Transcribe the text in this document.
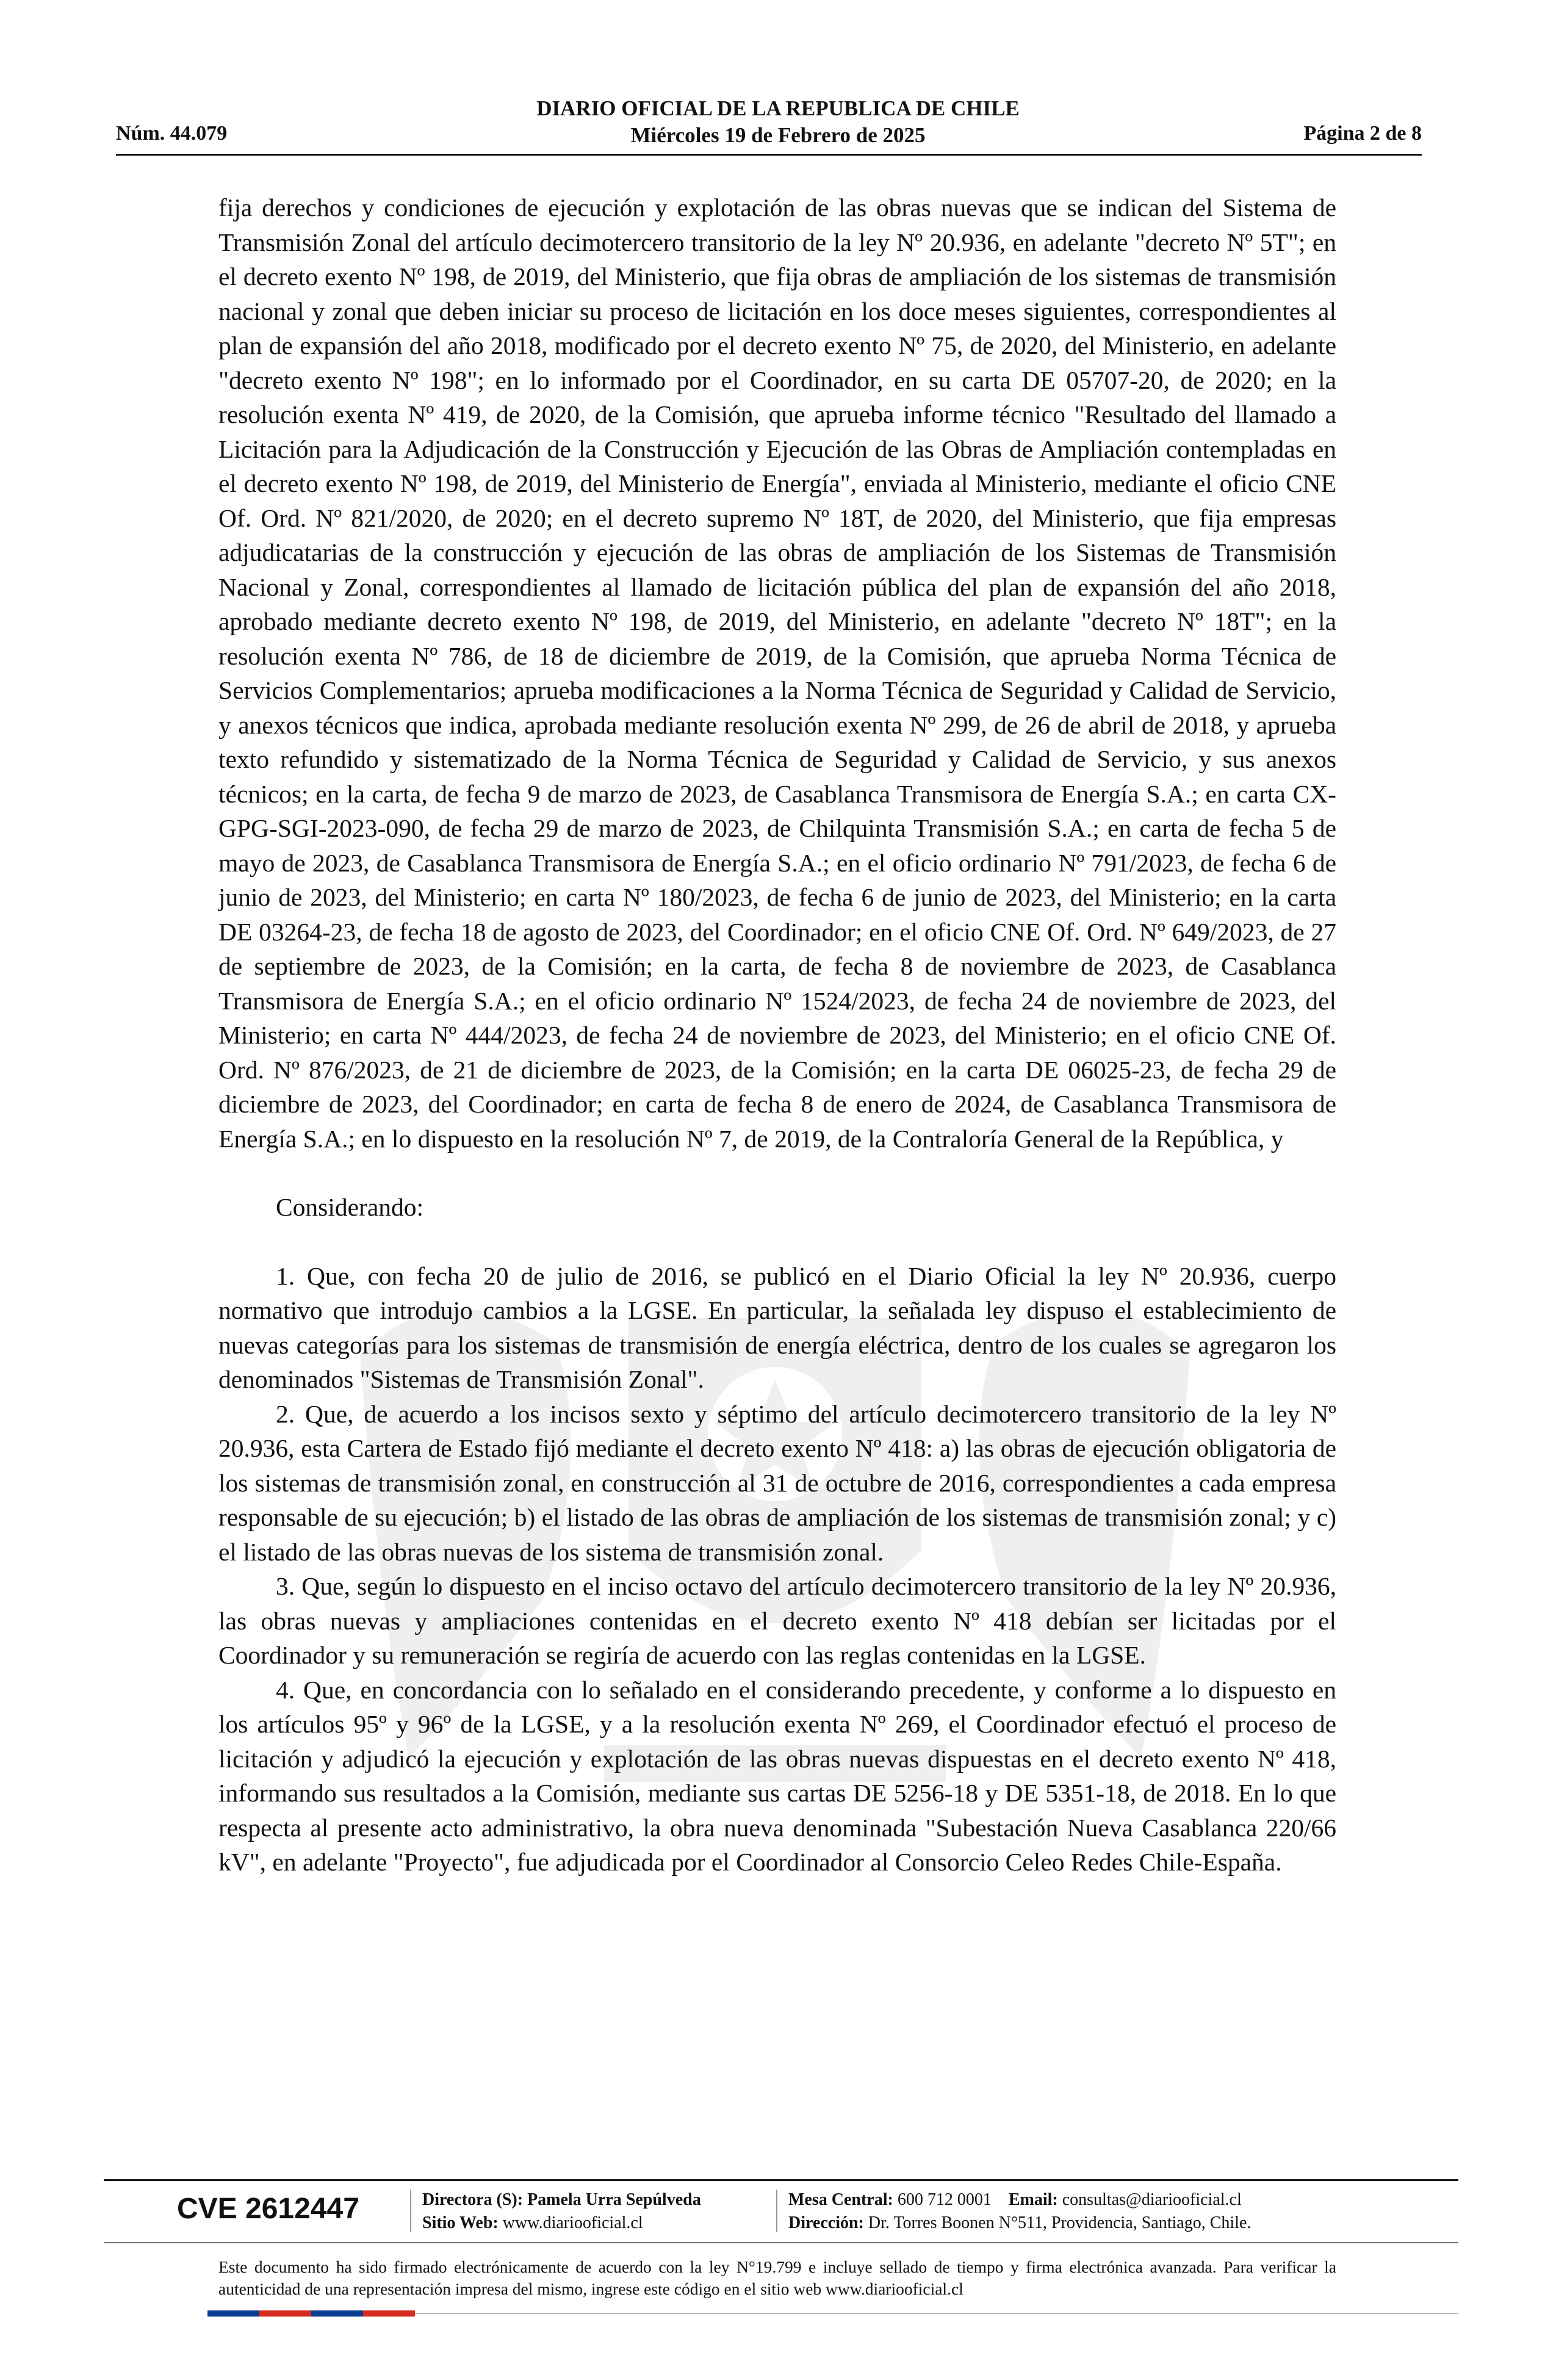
Núm. 44.079
DIARIO OFICIAL DE LA REPUBLICA DE CHILE
Miércoles 19 de Febrero de 2025	Página 2 de 8

fija derechos y condiciones de ejecución y explotación de las obras nuevas que se indican del Sistema de Transmisión Zonal del artículo decimotercero transitorio de la ley Nº 20.936, en adelante "decreto Nº 5T"; en el decreto exento Nº 198, de 2019, del Ministerio, que fija obras de ampliación de los sistemas de transmisión nacional y zonal que deben iniciar su proceso de licitación en los doce meses siguientes, correspondientes al plan de expansión del año 2018, modificado por el decreto exento Nº 75, de 2020, del Ministerio, en adelante "decreto exento Nº 198"; en lo informado por el Coordinador, en su carta DE 05707-20, de 2020; en la resolución exenta Nº 419, de 2020, de la Comisión, que aprueba informe técnico "Resultado del llamado a Licitación para la Adjudicación de la Construcción y Ejecución de las Obras de Ampliación contempladas en el decreto exento Nº 198, de 2019, del Ministerio de Energía", enviada al Ministerio, mediante el oficio CNE Of. Ord. Nº 821/2020, de 2020; en el decreto supremo Nº 18T, de 2020, del Ministerio, que fija empresas adjudicatarias de la construcción y ejecución de las obras de ampliación de los Sistemas de Transmisión Nacional y Zonal, correspondientes al llamado de licitación pública del plan de expansión del año 2018, aprobado mediante decreto exento Nº 198, de 2019, del Ministerio, en adelante "decreto Nº 18T"; en la resolución exenta Nº 786, de 18 de diciembre de 2019, de la Comisión, que aprueba Norma Técnica de Servicios Complementarios; aprueba modificaciones a la Norma Técnica de Seguridad y Calidad de Servicio, y anexos técnicos que indica, aprobada mediante resolución exenta Nº 299, de 26 de abril de 2018, y aprueba texto refundido y sistematizado de la Norma Técnica de Seguridad y Calidad de Servicio, y sus anexos técnicos; en la carta, de fecha 9 de marzo de 2023, de Casablanca Transmisora de Energía S.A.; en carta CX-GPG-SGI-2023-090, de fecha 29 de marzo de 2023, de Chilquinta Transmisión S.A.; en carta de fecha 5 de mayo de 2023, de Casablanca Transmisora de Energía S.A.; en el oficio ordinario Nº 791/2023, de fecha 6 de junio de 2023, del Ministerio; en carta Nº 180/2023, de fecha 6 de junio de 2023, del Ministerio; en la carta DE 03264-23, de fecha 18 de agosto de 2023, del Coordinador; en el oficio CNE Of. Ord. Nº 649/2023, de 27 de septiembre de 2023, de la Comisión; en la carta, de fecha 8 de noviembre de 2023, de Casablanca Transmisora de Energía S.A.; en el oficio ordinario Nº 1524/2023, de fecha 24 de noviembre de 2023, del Ministerio; en carta Nº 444/2023, de fecha 24 de noviembre de 2023, del Ministerio; en el oficio CNE Of. Ord. Nº 876/2023, de 21 de diciembre de 2023, de la Comisión; en la carta DE 06025-23, de fecha 29 de diciembre de 2023, del Coordinador; en carta de fecha 8 de enero de 2024, de Casablanca Transmisora de Energía S.A.; en lo dispuesto en la resolución Nº 7, de 2019, de la Contraloría General de la República, y

Considerando:

1. Que, con fecha 20 de julio de 2016, se publicó en el Diario Oficial la ley Nº 20.936, cuerpo normativo que introdujo cambios a la LGSE. En particular, la señalada ley dispuso el establecimiento de nuevas categorías para los sistemas de transmisión de energía eléctrica, dentro de los cuales se agregaron los denominados "Sistemas de Transmisión Zonal".

2. Que, de acuerdo a los incisos sexto y séptimo del artículo decimotercero transitorio de la ley Nº 20.936, esta Cartera de Estado fijó mediante el decreto exento Nº 418: a) las obras de ejecución obligatoria de los sistemas de transmisión zonal, en construcción al 31 de octubre de 2016, correspondientes a cada empresa responsable de su ejecución; b) el listado de las obras de ampliación de los sistemas de transmisión zonal; y c) el listado de las obras nuevas de los sistema de transmisión zonal.

3. Que, según lo dispuesto en el inciso octavo del artículo decimotercero transitorio de la ley Nº 20.936, las obras nuevas y ampliaciones contenidas en el decreto exento Nº 418 debían ser licitadas por el Coordinador y su remuneración se regiría de acuerdo con las reglas contenidas en la LGSE.

4. Que, en concordancia con lo señalado en el considerando precedente, y conforme a lo dispuesto en los artículos 95º y 96º de la LGSE, y a la resolución exenta Nº 269, el Coordinador efectuó el proceso de licitación y adjudicó la ejecución y explotación de las obras nuevas dispuestas en el decreto exento Nº 418, informando sus resultados a la Comisión, mediante sus cartas DE 5256-18 y DE 5351-18, de 2018. En lo que respecta al presente acto administrativo, la obra nueva denominada "Subestación Nueva Casablanca 220/66 kV", en adelante "Proyecto", fue adjudicada por el Coordinador al Consorcio Celeo Redes Chile-España.

CVE 2612447	Directora (S): Pamela Urra Sepúlveda
Sitio Web: www.diariooficial.cl
Mesa Central: 600 712 0001 Email: consultas@diariooficial.cl
Dirección: Dr. Torres Boonen N°511, Providencia, Santiago, Chile.
Este documento ha sido firmado electrónicamente de acuerdo con la ley N°19.799 e incluye sellado de tiempo y firma electrónica avanzada. Para verificar la autenticidad de una representación impresa del mismo, ingrese este código en el sitio web www.diariooficial.cl
